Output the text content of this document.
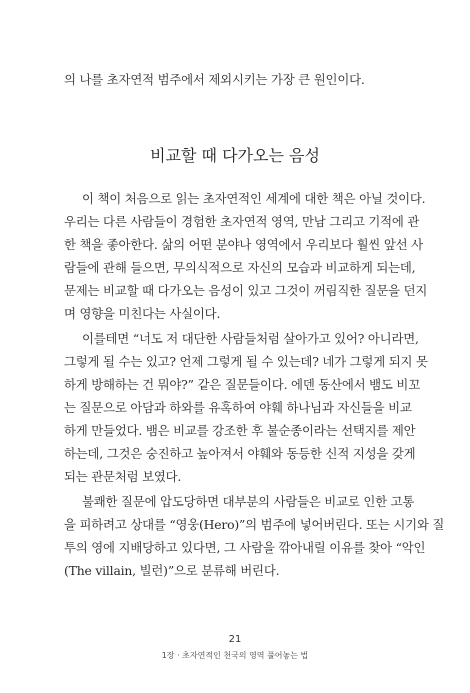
의 나를 초자연적 범주에서 제외시키는 가장 큰 원인이다.
비교할 때 다가오는 음성
이 책이 처음으로 읽는 초자연적인 세계에 대한 책은 아닐 것이다.
우리는 다른 사람들이 경험한 초자연적 영역, 만남 그리고 기적에 관
한 책을 좋아한다. 삶의 어떤 분야나 영역에서 우리보다 훨씬 앞선 사
람들에 관해 들으면, 무의식적으로 자신의 모습과 비교하게 되는데,
문제는 비교할 때 다가오는 음성이 있고 그것이 꺼림직한 질문을 던지
며 영향을 미친다는 사실이다.
이를테면 “너도 저 대단한 사람들처럼 살아가고 있어? 아니라면,
그렇게 될 수는 있고? 언제 그렇게 될 수 있는데? 네가 그렇게 되지 못
하게 방해하는 건 뭐야?” 같은 질문들이다. 에덴 동산에서 뱀도 비꼬
는 질문으로 아담과 하와를 유혹하여 야훼 하나님과 자신들을 비교
하게 만들었다. 뱀은 비교를 강조한 후 불순종이라는 선택지를 제안
하는데, 그것은 숭진하고 높아져서 야훼와 동등한 신적 지성을 갖게
되는 관문처럼 보였다.
불쾌한 질문에 압도당하면 대부분의 사람들은 비교로 인한 고통
을 피하려고 상대를 “영웅(Hero)”의 범주에 넣어버린다. 또는 시기와 질
투의 영에 지배당하고 있다면, 그 사람을 깎아내릴 이유를 찾아 “악인
(The villain, 빌런)”으로 분류해 버린다.
21
1장 · 초자연적인 천국의 영역 풀어놓는 법
